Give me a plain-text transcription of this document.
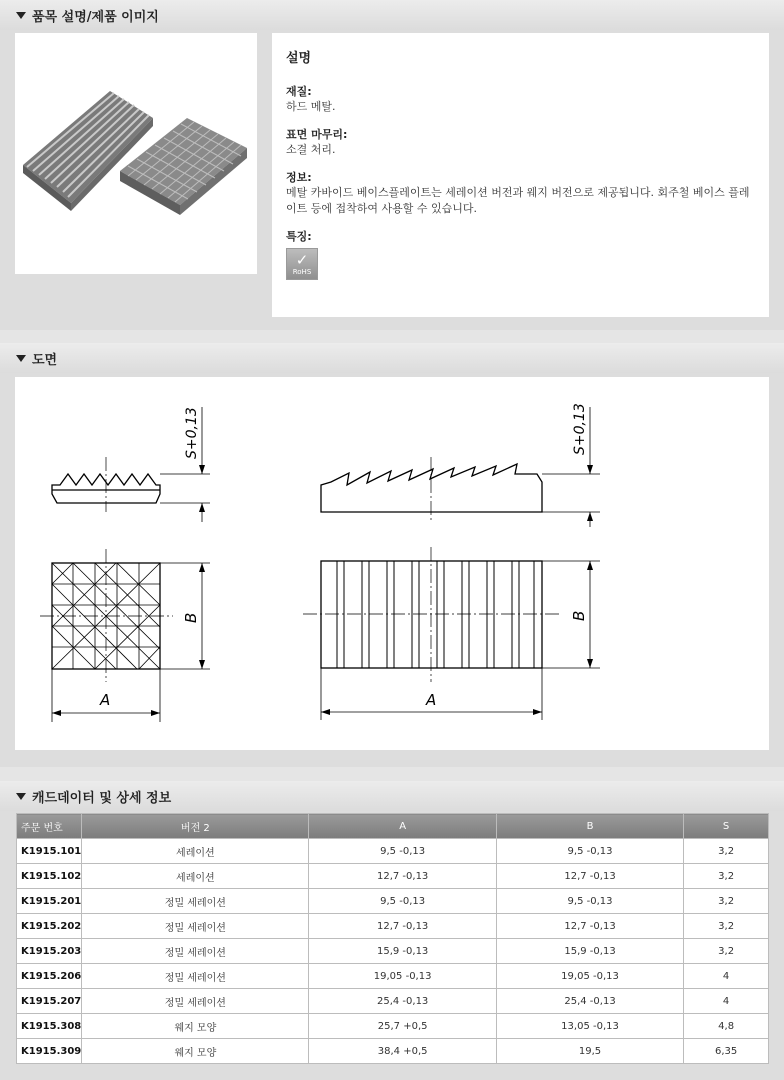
품목 설명/제품 이미지
설명
재질:
하드 메탈.
표면 마무리:
소결 처리.
정보:
메탈 카바이드 베이스플레이트는 세레이션 버전과 웨지 버전으로 제공됩니다. 회주철 베이스 플레이트 등에 접착하여 사용할 수 있습니다.
특징:
✓
RoHS
도면
S+0,13	S+0,13
B	B
A	A
캐드데이터 및 상세 정보
주문 번호	버전 2	A	B	S
K1915.101	세레이션	9,5 -0,13	9,5 -0,13	3,2
K1915.102	세레이션	12,7 -0,13	12,7 -0,13	3,2
K1915.201	정밀 세레이션	9,5 -0,13	9,5 -0,13	3,2
K1915.202	정밀 세레이션	12,7 -0,13	12,7 -0,13	3,2
K1915.203	정밀 세레이션	15,9 -0,13	15,9 -0,13	3,2
K1915.206	정밀 세레이션	19,05 -0,13	19,05 -0,13	4
K1915.207	정밀 세레이션	25,4 -0,13	25,4 -0,13	4
K1915.308	웨지 모양	25,7 +0,5	13,05 -0,13	4,8
K1915.309	웨지 모양	38,4 +0,5	19,5	6,35
